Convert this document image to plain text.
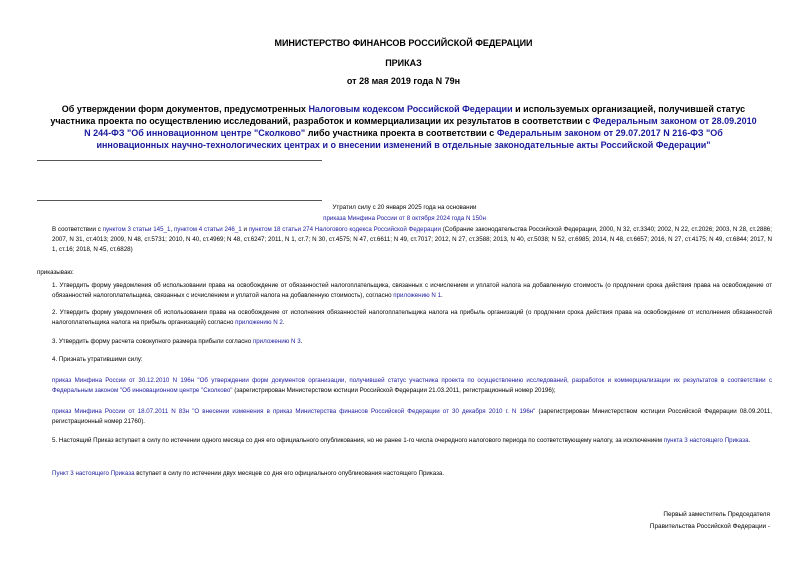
МИНИСТЕРСТВО ФИНАНСОВ РОССИЙСКОЙ ФЕДЕРАЦИИ
ПРИКАЗ
от 28 мая 2019 года N 79н
Об утверждении форм документов, предусмотренных Налоговым кодексом Российской Федерации и используемых организацией, получившей статус участника проекта по осуществлению исследований, разработок и коммерциализации их результатов в соответствии с Федеральным законом от 28.09.2010 N 244-ФЗ "Об инновационном центре "Сколково" либо участника проекта в соответствии с Федеральным законом от 29.07.2017 N 216-ФЗ "Об инновационных научно-технологических центрах и о внесении изменений в отдельные законодательные акты Российской Федерации"
Утратил силу с 20 января 2025 года на основании
приказа Минфина России от 8 октября 2024 года N 150н
В соответствии с пунктом 3 статьи 145_1, пунктом 4 статьи 246_1 и пунктом 18 статьи 274 Налогового кодекса Российской Федерации (Собрание законодательства Российской Федерации, 2000, N 32, ст.3340; 2002, N 22, ст.2026; 2003, N 28, ст.2886; 2007, N 31, ст.4013; 2009, N 48, ст.5731; 2010, N 40, ст.4969; N 48, ст.6247; 2011, N 1, ст.7; N 30, ст.4575; N 47, ст.6611; N 49, ст.7017; 2012, N 27, ст.3588; 2013, N 40, ст.5038; N 52, ст.6985; 2014, N 48, ст.6657; 2016, N 27, ст.4175; N 49, ст.6844; 2017, N 1, ст.16; 2018, N 45, ст.6828)
приказываю:
1. Утвердить форму уведомления об использовании права на освобождение от обязанностей налогоплательщика, связанных с исчислением и уплатой налога на добавленную стоимость (о продлении срока действия права на освобождение от обязанностей налогоплательщика, связанных с исчислением и уплатой налога на добавленную стоимость), согласно приложению N 1.
2. Утвердить форму уведомления об использовании права на освобождение от исполнения обязанностей налогоплательщика налога на прибыль организаций (о продлении срока действия права на освобождение от исполнения обязанностей налогоплательщика налога на прибыль организаций) согласно приложению N 2.
3. Утвердить форму расчета совокупного размера прибыли согласно приложению N 3.
4. Признать утратившими силу:
приказ Минфина России от 30.12.2010 N 196н "Об утверждении форм документов организации, получившей статус участника проекта по осуществлению исследований, разработок и коммерциализации их результатов в соответствии с Федеральным законом "Об инновационном центре "Сколково" (зарегистрирован Министерством юстиции Российской Федерации 21.03.2011, регистрационный номер 20196);
приказ Минфина России от 18.07.2011 N 83н "О внесении изменения в приказ Министерства финансов Российской Федерации от 30 декабря 2010 г. N 196н" (зарегистрирован Министерством юстиции Российской Федерации 08.09.2011, регистрационный номер 21760).
5. Настоящий Приказ вступает в силу по истечении одного месяца со дня его официального опубликования, но не ранее 1-го числа очередного налогового периода по соответствующему налогу, за исключением пункта 3 настоящего Приказа.
Пункт 3 настоящего Приказа вступает в силу по истечении двух месяцев со дня его официального опубликования настоящего Приказа.
Первый заместитель Председателя
Правительства Российской Федерации -
